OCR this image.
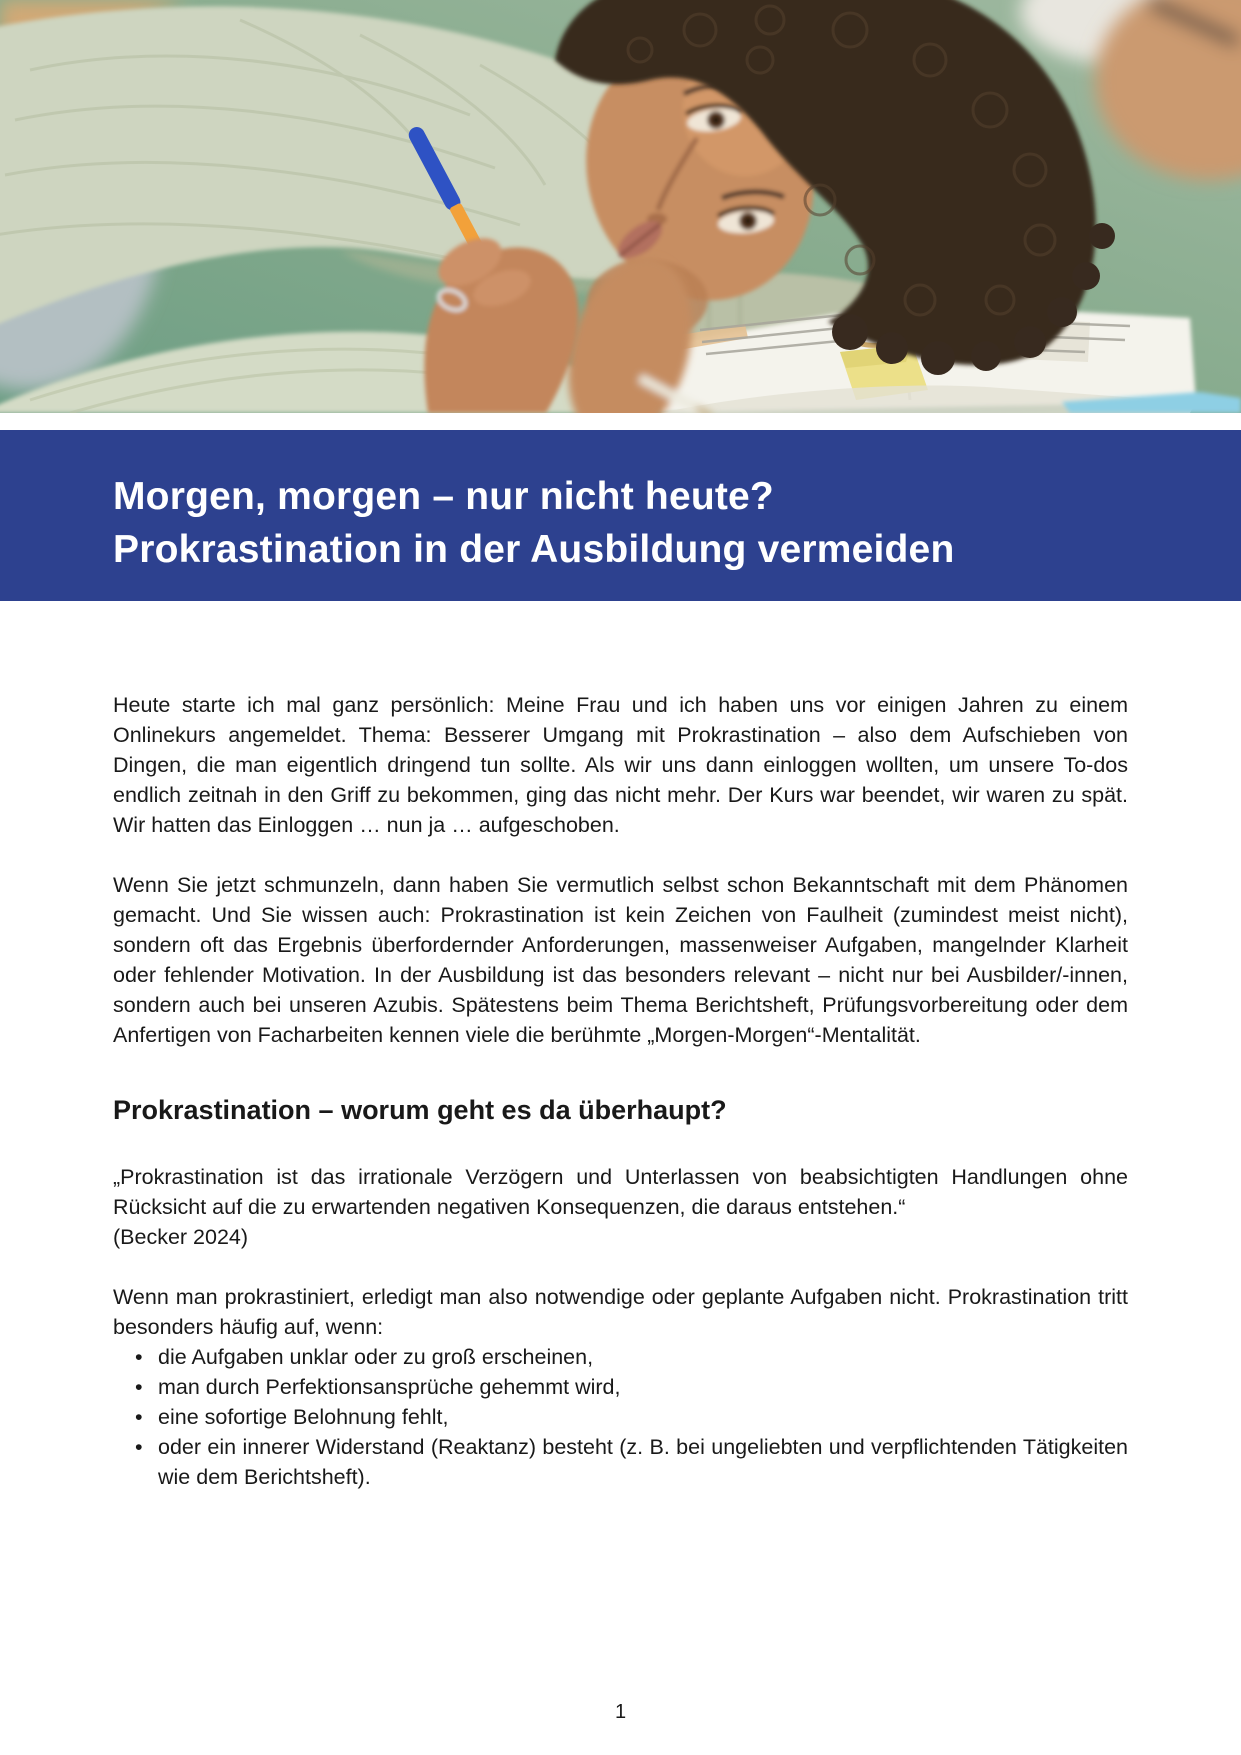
Morgen, morgen – nur nicht heute?
Prokrastination in der Ausbildung vermeiden

Heute starte ich mal ganz persönlich: Meine Frau und ich haben uns vor einigen Jahren zu einem Onlinekurs angemeldet. Thema: Besserer Umgang mit Prokrastination – also dem Aufschieben von Dingen, die man eigentlich dringend tun sollte. Als wir uns dann einloggen wollten, um unsere To-dos endlich zeitnah in den Griff zu bekommen, ging das nicht mehr. Der Kurs war beendet, wir waren zu spät. Wir hatten das Einloggen … nun ja … aufgeschoben.

Wenn Sie jetzt schmunzeln, dann haben Sie vermutlich selbst schon Bekanntschaft mit dem Phänomen gemacht. Und Sie wissen auch: Prokrastination ist kein Zeichen von Faulheit (zumindest meist nicht), sondern oft das Ergebnis überfordernder Anforderungen, massenweiser Aufgaben, mangelnder Klarheit oder fehlender Motivation. In der Ausbildung ist das besonders relevant – nicht nur bei Ausbilder/-innen, sondern auch bei unseren Azubis. Spätestens beim Thema Berichtsheft, Prüfungsvorbereitung oder dem Anfertigen von Facharbeiten kennen viele die berühmte „Morgen-Morgen“-Mentalität.

Prokrastination – worum geht es da überhaupt?

„Prokrastination ist das irrationale Verzögern und Unterlassen von beabsichtigten Handlungen ohne Rücksicht auf die zu erwartenden negativen Konsequenzen, die daraus entstehen.“

(Becker 2024)

Wenn man prokrastiniert, erledigt man also notwendige oder geplante Aufgaben nicht. Prokrastination tritt besonders häufig auf, wenn:

• die Aufgaben unklar oder zu groß erscheinen,
• man durch Perfektionsansprüche gehemmt wird,
• eine sofortige Belohnung fehlt,
• oder ein innerer Widerstand (Reaktanz) besteht (z. B. bei ungeliebten und verpflichtenden Tätigkeiten wie dem Berichtsheft).
1
